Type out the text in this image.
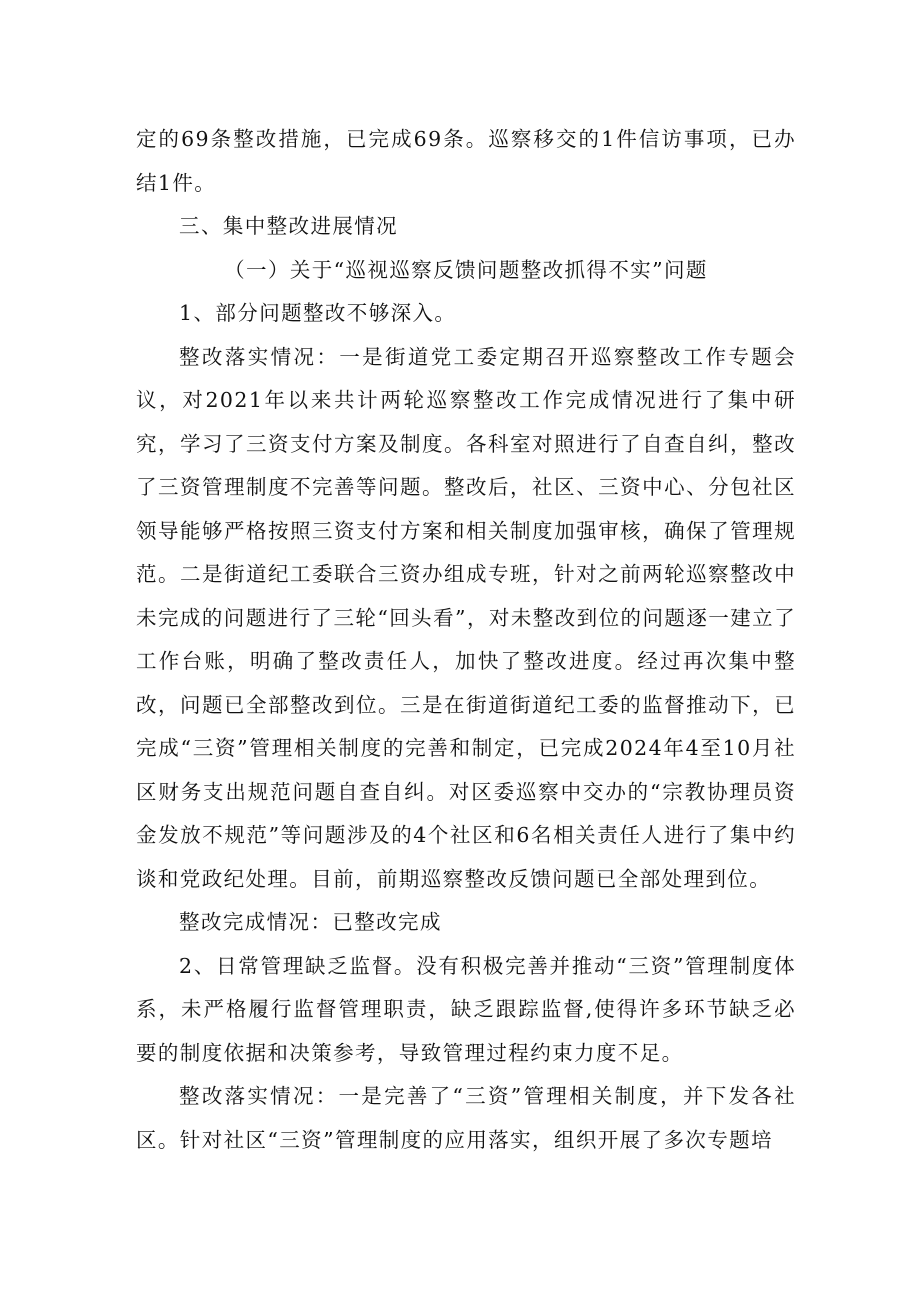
定的69条整改措施，已完成69条。巡察移交的1件信访事项，已办结1件。

三、集中整改进展情况

（一）关于“巡视巡察反馈问题整改抓得不实”问题

1、部分问题整改不够深入。

整改落实情况：一是街道党工委定期召开巡察整改工作专题会议，对2021年以来共计两轮巡察整改工作完成情况进行了集中研究，学习了三资支付方案及制度。各科室对照进行了自查自纠，整改了三资管理制度不完善等问题。整改后，社区、三资中心、分包社区领导能够严格按照三资支付方案和相关制度加强审核，确保了管理规范。二是街道纪工委联合三资办组成专班，针对之前两轮巡察整改中未完成的问题进行了三轮“回头看”，对未整改到位的问题逐一建立了工作台账，明确了整改责任人，加快了整改进度。经过再次集中整改，问题已全部整改到位。三是在街道街道纪工委的监督推动下，已完成“三资”管理相关制度的完善和制定，已完成2024年4至10月社区财务支出规范问题自查自纠。对区委巡察中交办的“宗教协理员资金发放不规范”等问题涉及的4个社区和6名相关责任人进行了集中约谈和党政纪处理。目前，前期巡察整改反馈问题已全部处理到位。

整改完成情况：已整改完成

2、日常管理缺乏监督。没有积极完善并推动“三资”管理制度体系，未严格履行监督管理职责，缺乏跟踪监督,使得许多环节缺乏必要的制度依据和决策参考，导致管理过程约束力度不足。

整改落实情况：一是完善了“三资”管理相关制度，并下发各社区。针对社区“三资”管理制度的应用落实，组织开展了多次专题培
